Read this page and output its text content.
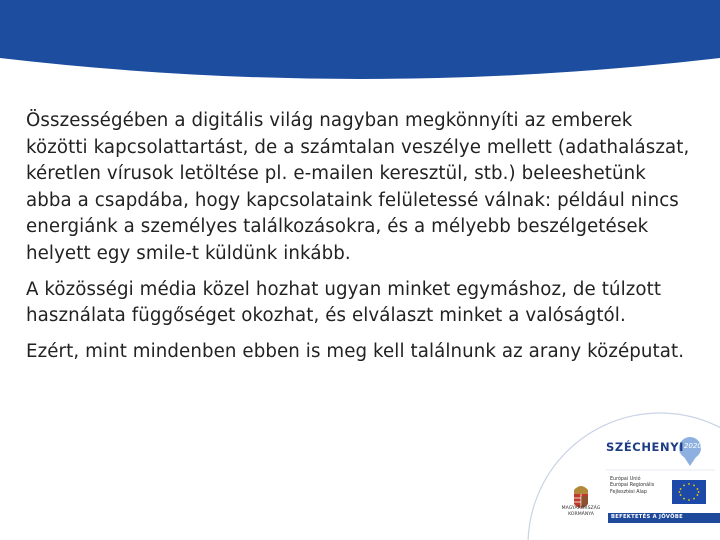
Összességében a digitális világ nagyban megkönnyíti az emberek közötti kapcsolattartást, de a számtalan veszélye mellett (adathalászat, kéretlen vírusok letöltése pl. e-mailen keresztül, stb.) beleeshetünk abba a csapdába, hogy kapcsolataink felületessé válnak: például nincs energiánk a személyes találkozásokra, és a mélyebb beszélgetések helyett egy smile-t küldünk inkább.

A közösségi média közel hozhat ugyan minket egymáshoz, de túlzott használata függőséget okozhat, és elválaszt minket a valóságtól.

Ezért, mint mindenben ebben is meg kell találnunk az arany középutat.

SZÉCHENYI 2020
Európai Unió
Európai Regionális
Fejlesztési Alap
MAGYARORSZÁG
KORMÁNYA	BEFEKTETÉS A JÖVŐBE
